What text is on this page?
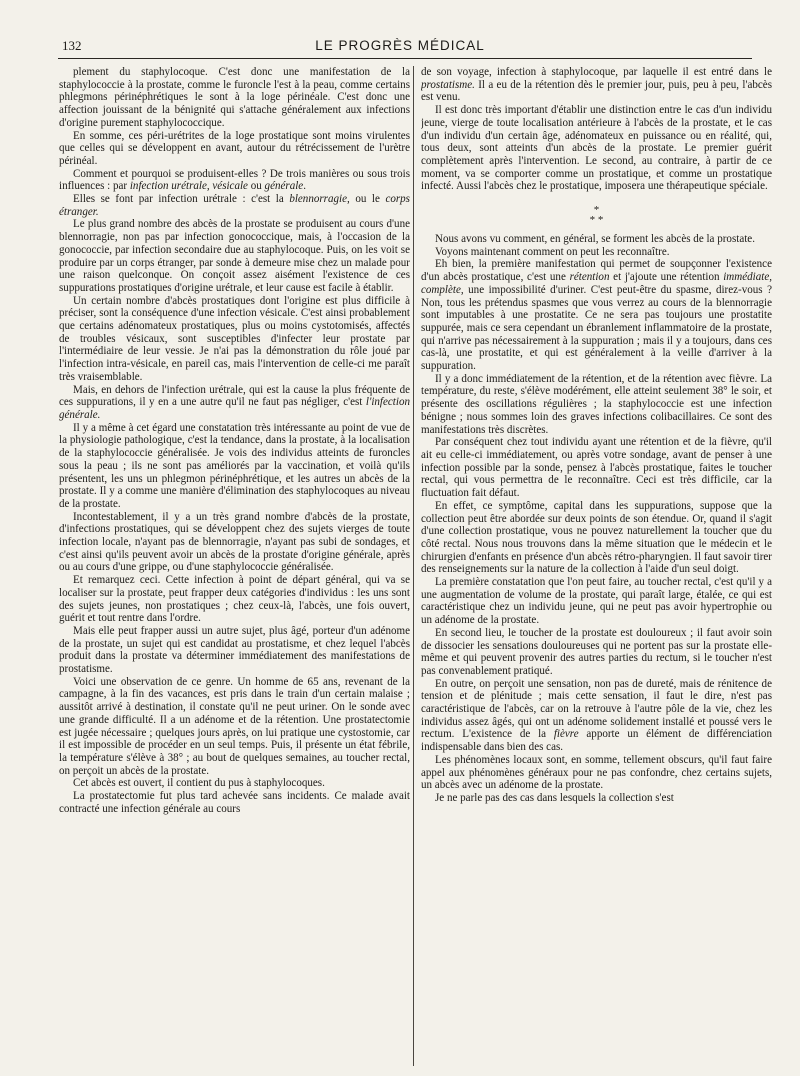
132	LE PROGRÈS MÉDICAL

plement du staphylocoque. C'est donc une manifestation de la staphylococcie à la prostate, comme le furoncle l'est à la peau, comme certains phlegmons périnéphrétiques le sont à la loge périnéale. C'est donc une affection jouissant de la bénignité qui s'attache généralement aux infections d'origine purement staphylococcique.

En somme, ces péri-urétrites de la loge prostatique sont moins virulentes que celles qui se développent en avant, autour du rétrécissement de l'urètre périnéal.

Comment et pourquoi se produisent-elles ? De trois manières ou sous trois influences : par infection urétrale, vésicale ou générale.

Elles se font par infection urétrale : c'est la blennorragie, ou le corps étranger.

Le plus grand nombre des abcès de la prostate se produisent au cours d'une blennorragie, non pas par infection gonococcique, mais, à l'occasion de la gonococcie, par infection secondaire due au staphylocoque. Puis, on les voit se produire par un corps étranger, par sonde à demeure mise chez un malade pour une raison quelconque. On conçoit assez aisément l'existence de ces suppurations prostatiques d'origine urétrale, et leur cause est facile à établir.

Un certain nombre d'abcès prostatiques dont l'origine est plus difficile à préciser, sont la conséquence d'une infection vésicale. C'est ainsi probablement que certains adénomateux prostatiques, plus ou moins cystotomisés, affectés de troubles vésicaux, sont susceptibles d'infecter leur prostate par l'intermédiaire de leur vessie. Je n'ai pas la démonstration du rôle joué par l'infection intra-vésicale, en pareil cas, mais l'intervention de celle-ci me paraît très vraisemblable.

Mais, en dehors de l'infection urétrale, qui est la cause la plus fréquente de ces suppurations, il y en a une autre qu'il ne faut pas négliger, c'est l'infection générale.

Il y a même à cet égard une constatation très intéressante au point de vue de la physiologie pathologique, c'est la tendance, dans la prostate, à la localisation de la staphylococcie généralisée. Je vois des individus atteints de furoncles sous la peau ; ils ne sont pas améliorés par la vaccination, et voilà qu'ils présentent, les uns un phlegmon périnéphrétique, et les autres un abcès de la prostate. Il y a comme une manière d'élimination des staphylocoques au niveau de la prostate.

Incontestablement, il y a un très grand nombre d'abcès de la prostate, d'infections prostatiques, qui se développent chez des sujets vierges de toute infection locale, n'ayant pas de blennorragie, n'ayant pas subi de sondages, et c'est ainsi qu'ils peuvent avoir un abcès de la prostate d'origine générale, après ou au cours d'une grippe, ou d'une staphylococcie généralisée.

Et remarquez ceci. Cette infection à point de départ général, qui va se localiser sur la prostate, peut frapper deux catégories d'individus : les uns sont des sujets jeunes, non prostatiques ; chez ceux-là, l'abcès, une fois ouvert, guérit et tout rentre dans l'ordre.

Mais elle peut frapper aussi un autre sujet, plus âgé, porteur d'un adénome de la prostate, un sujet qui est candidat au prostatisme, et chez lequel l'abcès produit dans la prostate va déterminer immédiatement des manifestations de prostatisme.

Voici une observation de ce genre. Un homme de 65 ans, revenant de la campagne, à la fin des vacances, est pris dans le train d'un certain malaise ; aussitôt arrivé à destination, il constate qu'il ne peut uriner. On le sonde avec une grande difficulté. Il a un adénome et de la rétention. Une prostatectomie est jugée nécessaire ; quelques jours après, on lui pratique une cystostomie, car il est impossible de procéder en un seul temps. Puis, il présente un état fébrile, la température s'élève à 38° ; au bout de quelques semaines, au toucher rectal, on perçoit un abcès de la prostate.

Cet abcès est ouvert, il contient du pus à staphylocoques.

La prostatectomie fut plus tard achevée sans incidents. Ce malade avait contracté une infection générale au cours

de son voyage, infection à staphylocoque, par laquelle il est entré dans le prostatisme. Il a eu de la rétention dès le premier jour, puis, peu à peu, l'abcès est venu.

Il est donc très important d'établir une distinction entre le cas d'un individu jeune, vierge de toute localisation antérieure à l'abcès de la prostate, et le cas d'un individu d'un certain âge, adénomateux en puissance ou en réalité, qui, tous deux, sont atteints d'un abcès de la prostate. Le premier guérit complètement après l'intervention. Le second, au contraire, à partir de ce moment, va se comporter comme un prostatique, et comme un prostatique infecté. Aussi l'abcès chez le prostatique, imposera une thérapeutique spéciale.

*
* *

Nous avons vu comment, en général, se forment les abcès de la prostate.

Voyons maintenant comment on peut les reconnaître.

Eh bien, la première manifestation qui permet de soupçonner l'existence d'un abcès prostatique, c'est une rétention et j'ajoute une rétention immédiate, complète, une impossibilité d'uriner. C'est peut-être du spasme, direz-vous ? Non, tous les prétendus spasmes que vous verrez au cours de la blennorragie sont imputables à une prostatite. Ce ne sera pas toujours une prostatite suppurée, mais ce sera cependant un ébranlement inflammatoire de la prostate, qui n'arrive pas nécessairement à la suppuration ; mais il y a toujours, dans ces cas-là, une prostatite, et qui est généralement à la veille d'arriver à la suppuration.

Il y a donc immédiatement de la rétention, et de la rétention avec fièvre. La température, du reste, s'élève modérément, elle atteint seulement 38° le soir, et présente des oscillations régulières ; la staphylococcie est une infection bénigne ; nous sommes loin des graves infections colibacillaires. Ce sont des manifestations très discrètes.

Par conséquent chez tout individu ayant une rétention et de la fièvre, qu'il ait eu celle-ci immédiatement, ou après votre sondage, avant de penser à une infection possible par la sonde, pensez à l'abcès prostatique, faites le toucher rectal, qui vous permettra de le reconnaître. Ceci est très difficile, car la fluctuation fait défaut.

En effet, ce symptôme, capital dans les suppurations, suppose que la collection peut être abordée sur deux points de son étendue. Or, quand il s'agit d'une collection prostatique, vous ne pouvez naturellement la toucher que du côté rectal. Nous nous trouvons dans la même situation que le médecin et le chirurgien d'enfants en présence d'un abcès rétro-pharyngien. Il faut savoir tirer des renseignements sur la nature de la collection à l'aide d'un seul doigt.

La première constatation que l'on peut faire, au toucher rectal, c'est qu'il y a une augmentation de volume de la prostate, qui paraît large, étalée, ce qui est caractéristique chez un individu jeune, qui ne peut pas avoir hypertrophie ou un adénome de la prostate.

En second lieu, le toucher de la prostate est douloureux ; il faut avoir soin de dissocier les sensations douloureuses qui ne portent pas sur la prostate elle-même et qui peuvent provenir des autres parties du rectum, si le toucher n'est pas convenablement pratiqué.

En outre, on perçoit une sensation, non pas de dureté, mais de rénitence de tension et de plénitude ; mais cette sensation, il faut le dire, n'est pas caractéristique de l'abcès, car on la retrouve à l'autre pôle de la vie, chez les individus assez âgés, qui ont un adénome solidement installé et poussé vers le rectum. L'existence de la fièvre apporte un élément de différenciation indispensable dans bien des cas.

Les phénomènes locaux sont, en somme, tellement obscurs, qu'il faut faire appel aux phénomènes généraux pour ne pas confondre, chez certains sujets, un abcès avec un adénome de la prostate.

Je ne parle pas des cas dans lesquels la collection s'est
